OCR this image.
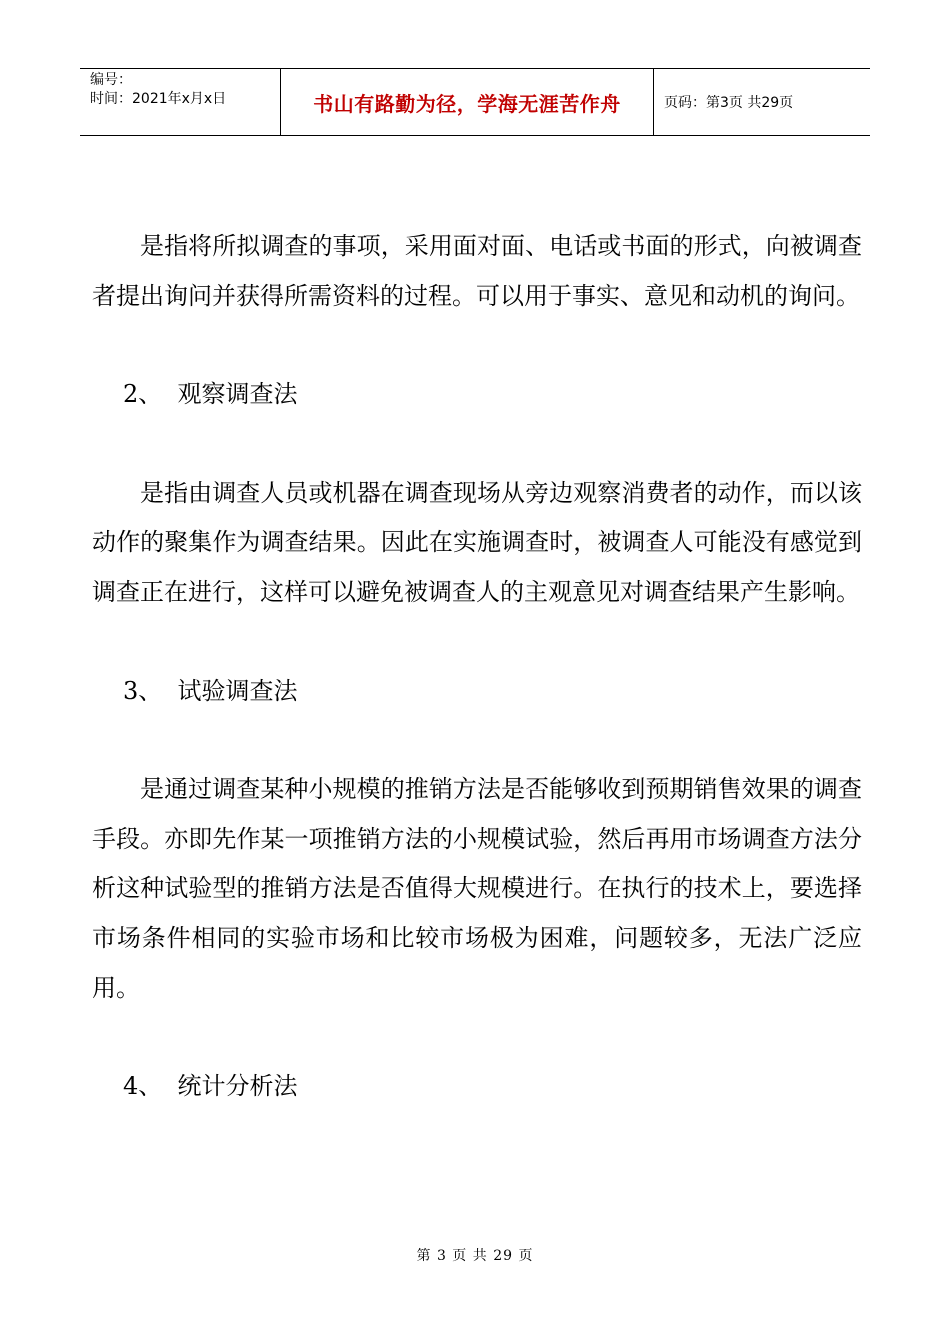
编号：
时间：2021年x月x日	书山有路勤为径，学海无涯苦作舟	页码：第3页 共29页

是指将所拟调查的事项，采用面对面、电话或书面的形式，向被调查者提出询问并获得所需资料的过程。可以用于事实、意见和动机的询问。

2、  观察调查法

是指由调查人员或机器在调查现场从旁边观察消费者的动作，而以该动作的聚集作为调查结果。因此在实施调查时，被调查人可能没有感觉到调查正在进行，这样可以避免被调查人的主观意见对调查结果产生影响。

3、  试验调查法

是通过调查某种小规模的推销方法是否能够收到预期销售效果的调查手段。亦即先作某一项推销方法的小规模试验，然后再用市场调查方法分析这种试验型的推销方法是否值得大规模进行。在执行的技术上，要选择市场条件相同的实验市场和比较市场极为困难，问题较多，无法广泛应用。

4、  统计分析法

第 3 页 共 29 页
